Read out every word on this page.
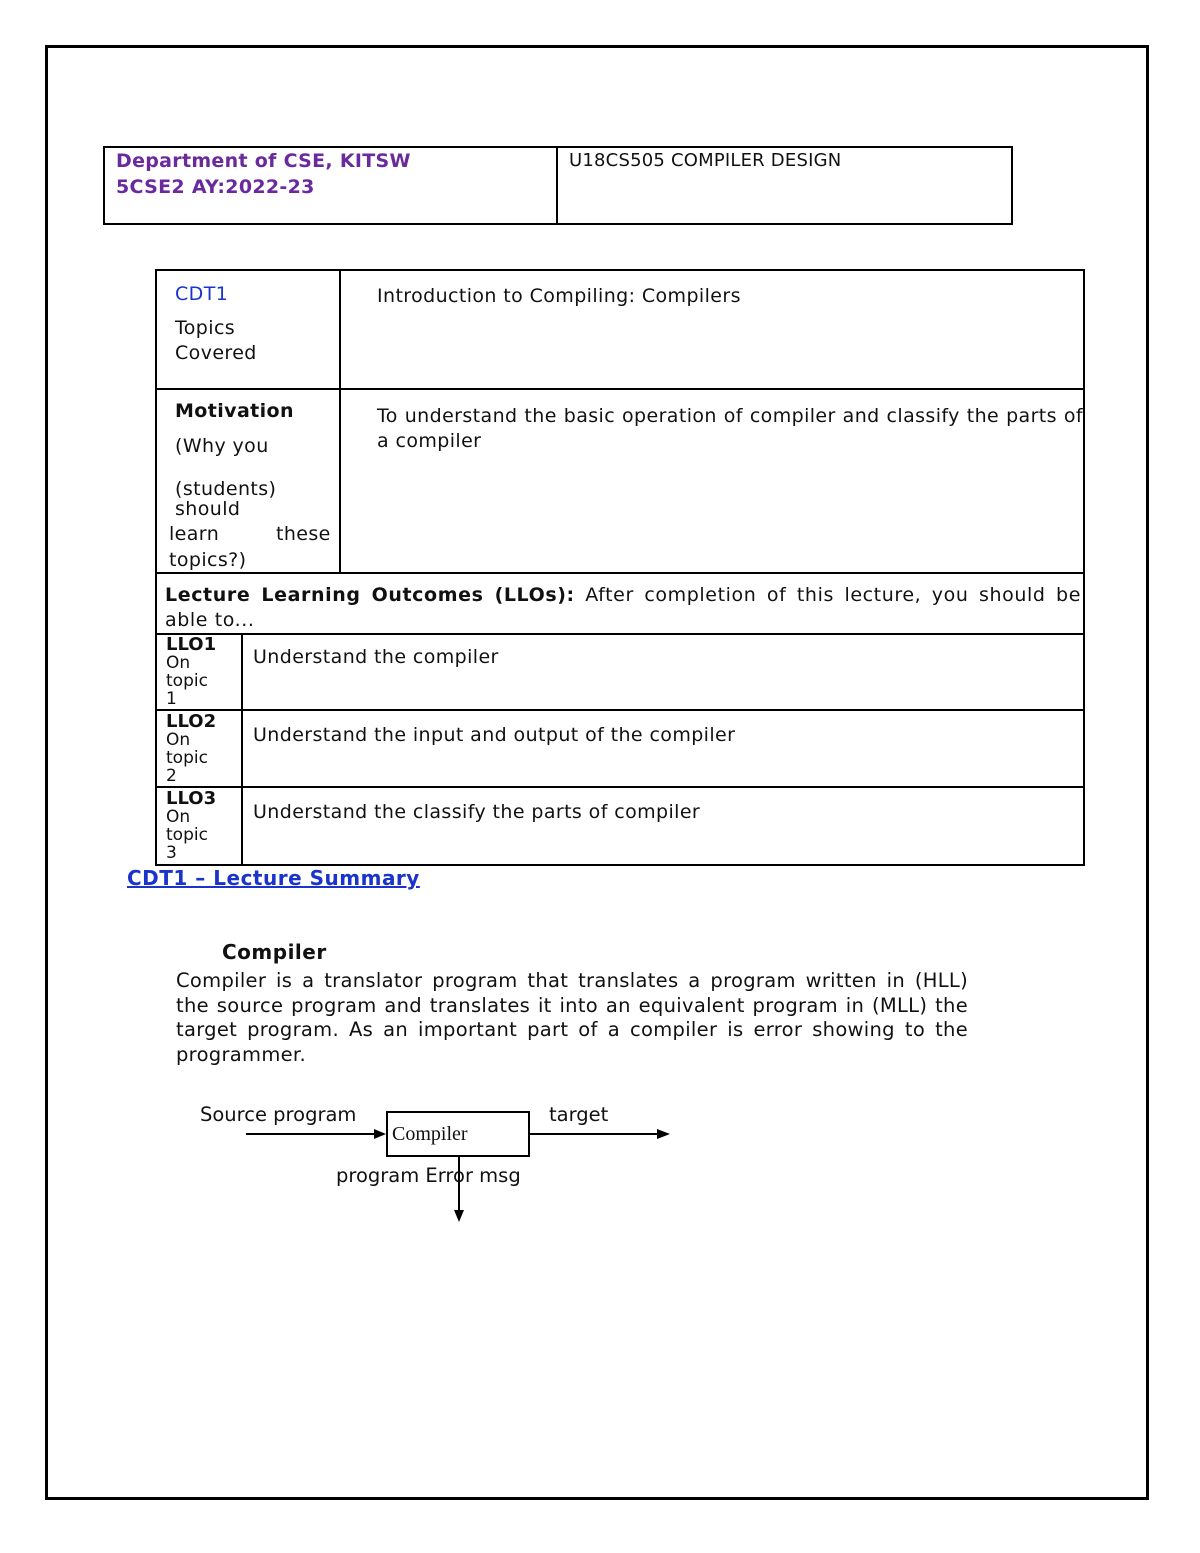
Department of CSE, KITSW
5CSE2 AY:2022-23
U18CS505 COMPILER DESIGN
CDT1
Topics
Covered
Introduction to Compiling: Compilers
Motivation
(Why you
(students)
should
learn	these
topics?)
To understand the basic operation of compiler and classify the parts of a compiler
Lecture Learning Outcomes (LLOs): After completion of this lecture, you should be able to...
LLO1
On
topic
1
Understand the compiler
LLO2
On
topic
2
Understand the input and output of the compiler
LLO3
On
topic
3
Understand the classify the parts of compiler
CDT1 – Lecture Summary
Compiler
Compiler is a translator program that translates a program written in (HLL) the source program and translates it into an equivalent program in (MLL) the target program. As an important part of a compiler is error showing to the programmer.
Source program	target
Compiler
program Error msg
